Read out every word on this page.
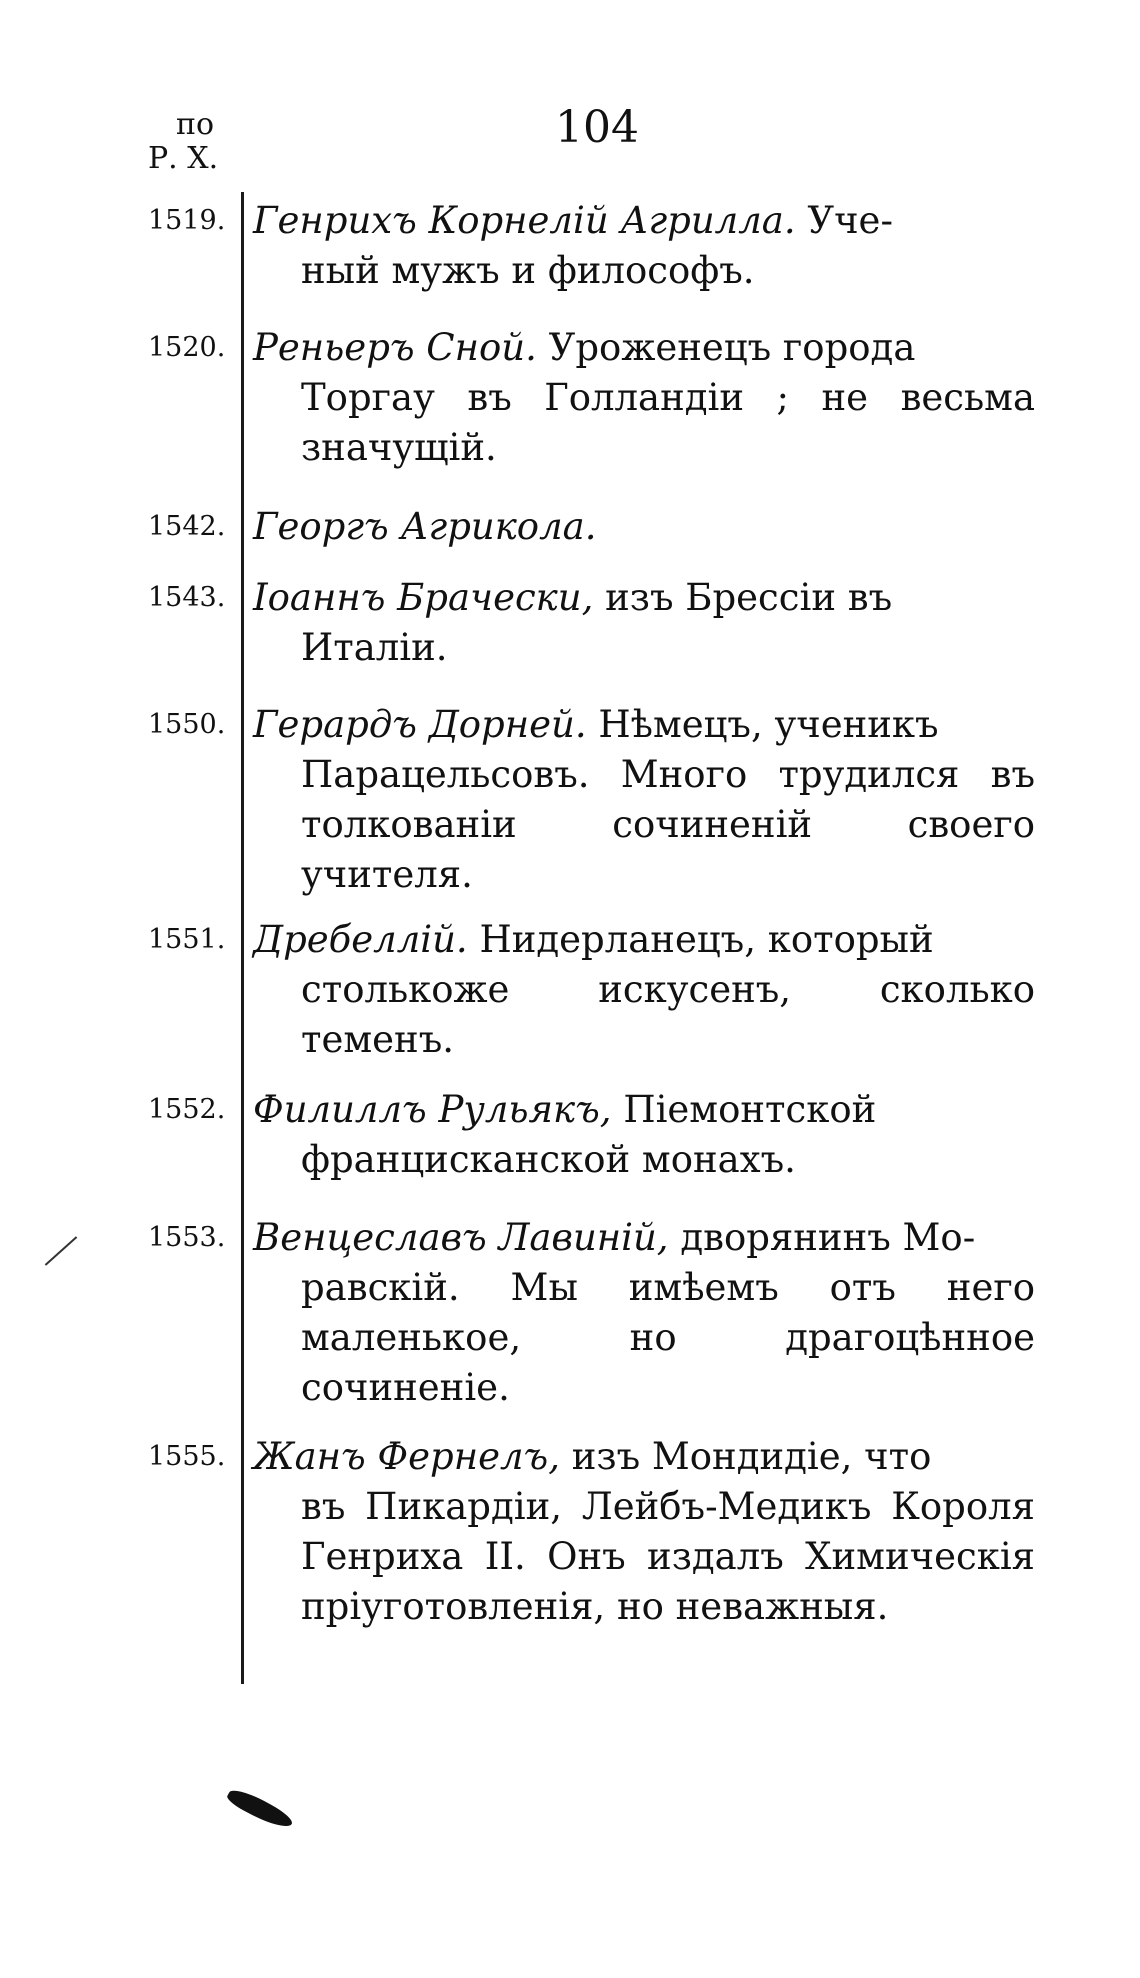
по
Р. Х.
104
1519. Генрихъ Корнелiй Агрилла. Уче-
ный мужъ и философъ.
1520. Реньеръ Сной. Уроженецъ города
Торгау въ Голландiи ; не весьма значущiй.
1542. Георгъ Агрикола.
1543. Iоаннъ Брачески, изъ Брессiи въ
Италiи.
1550. Герардъ Дорней. Нѣмецъ, ученикъ
Парацельсовъ. Много трудился въ толкованiи сочиненiй своего учителя.
1551. Дребеллiй. Нидерланецъ, который
столькоже искусенъ, сколько теменъ.
1552. Филиллъ Рульякъ, Пiемонтской
францисканской монахъ.
1553. Венцеславъ Лавинiй, дворянинъ Мо-
равскiй. Мы имѣемъ отъ него маленькое, но драгоцѣнное сочиненiе.
1555. Жанъ Фернелъ, изъ Мондидiе, что
въ Пикардiи, Лейбъ-Медикъ Короля Генриха II. Онъ издалъ Химическiя прiуготовленiя, но неважныя.
